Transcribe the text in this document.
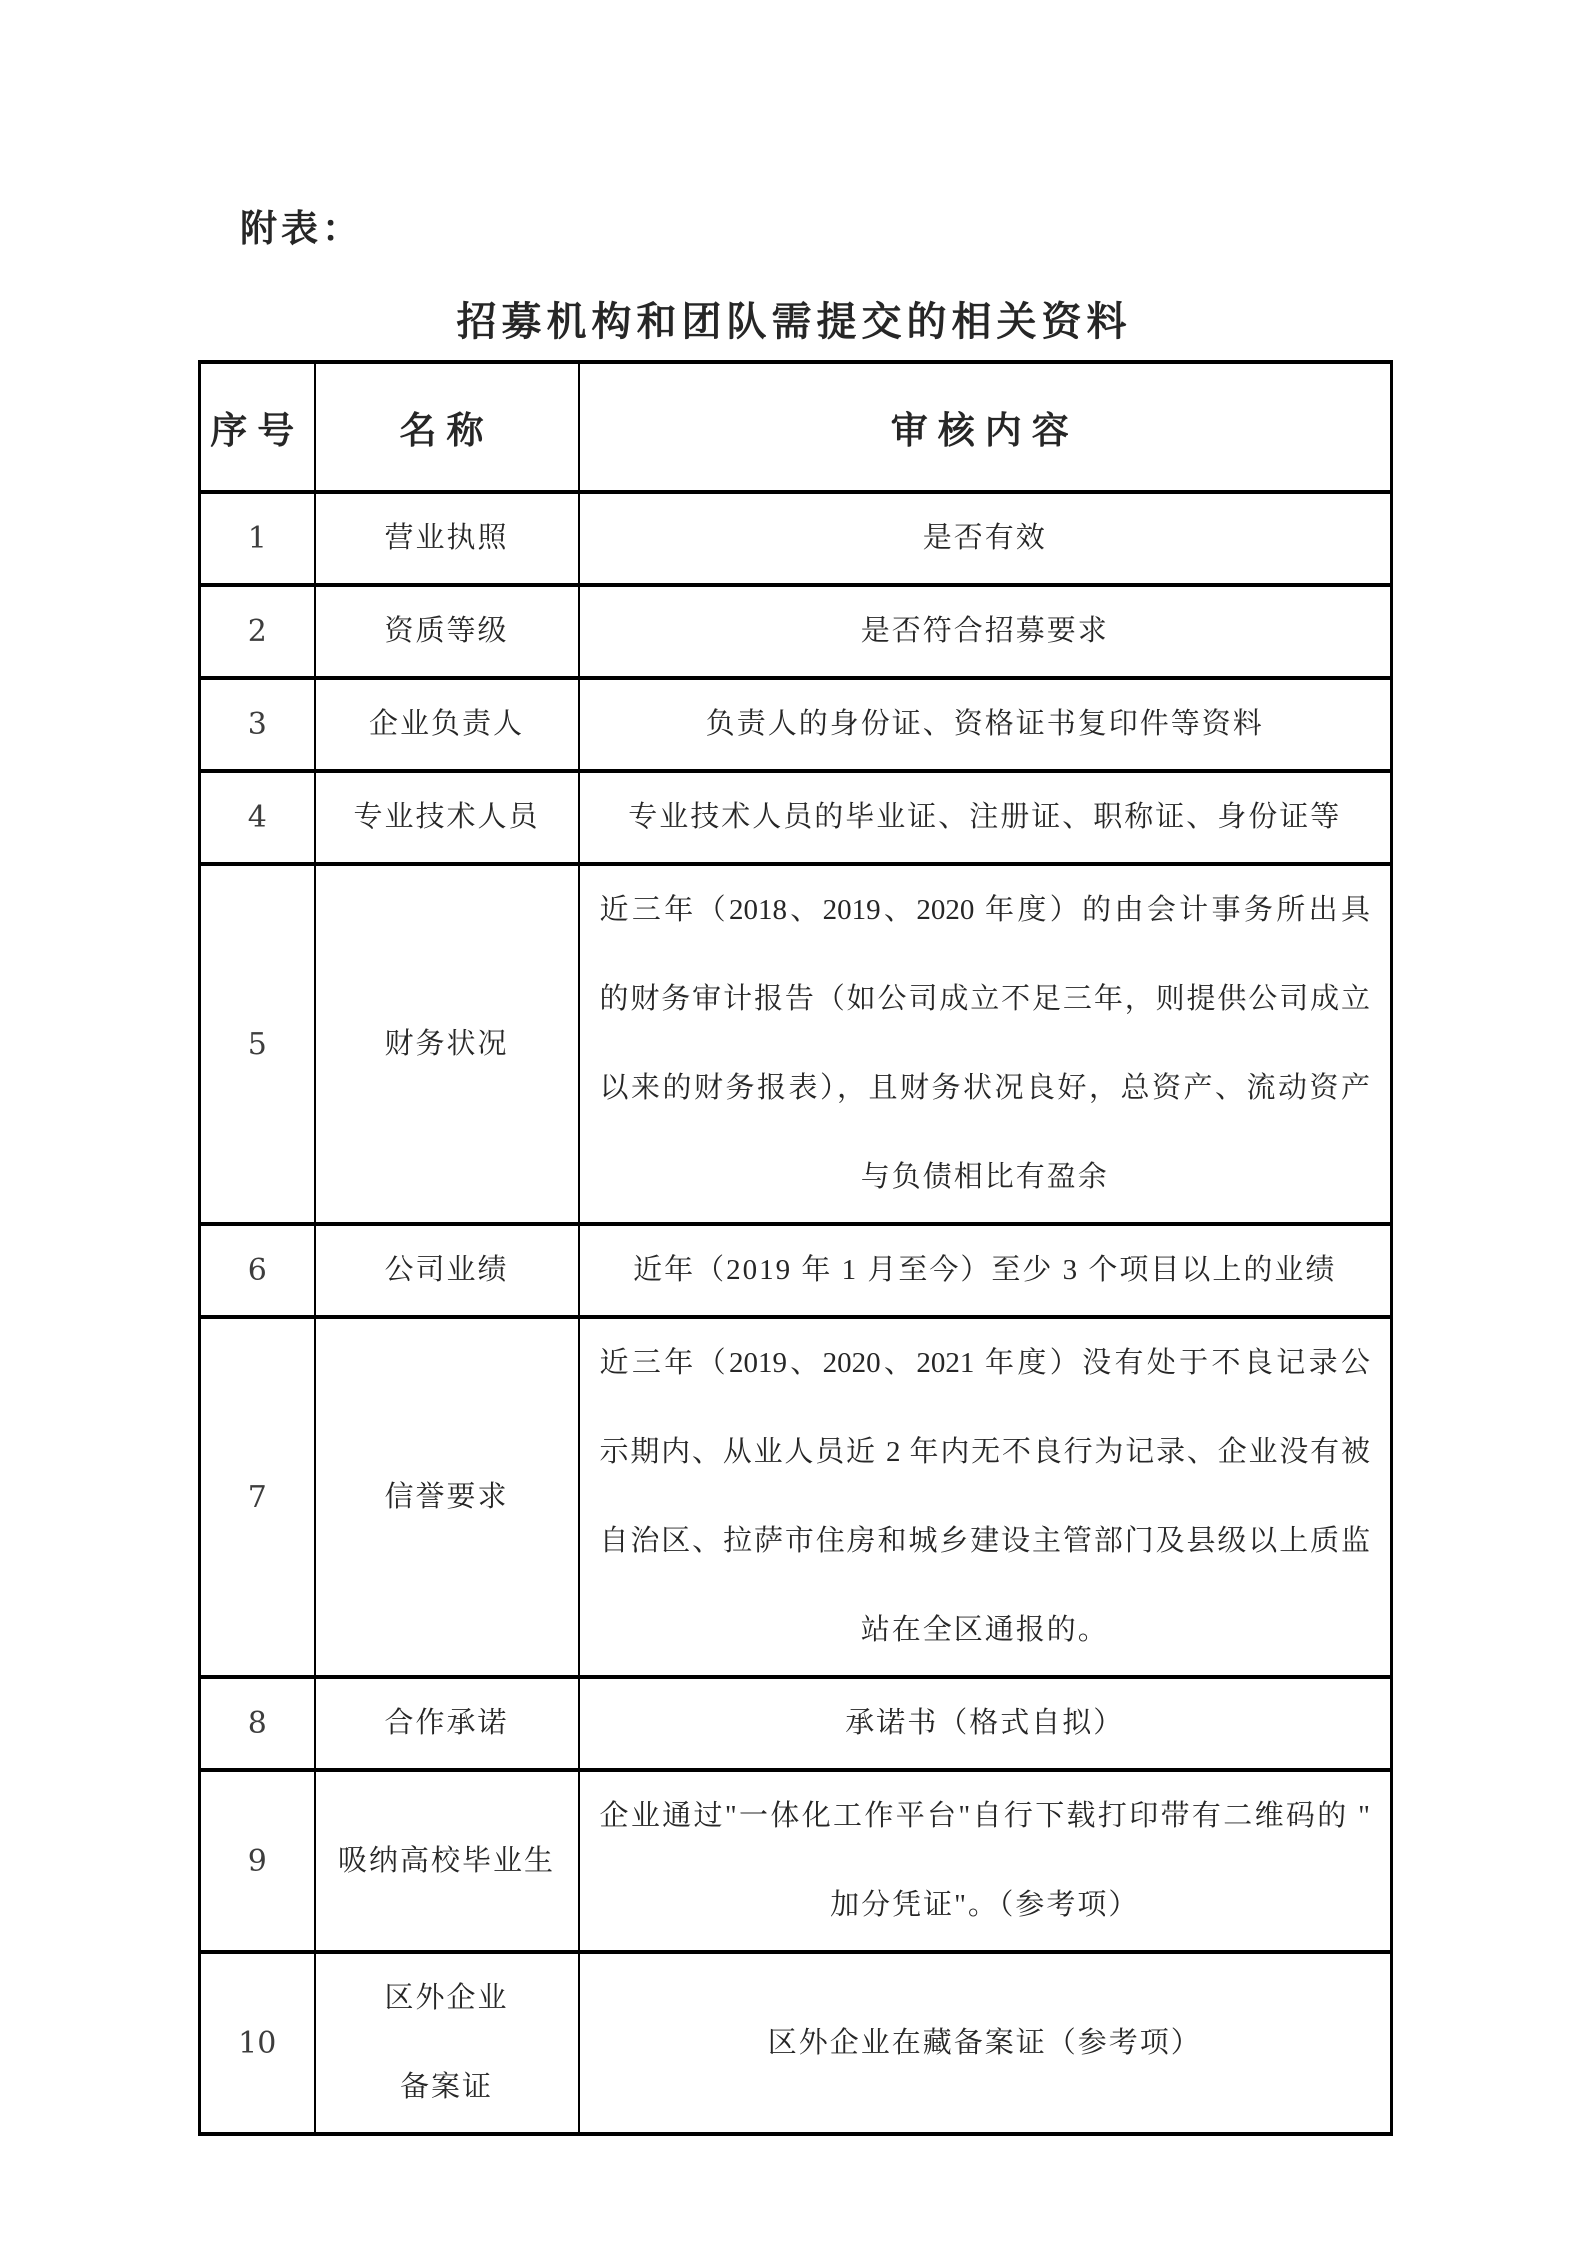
附表：
招募机构和团队需提交的相关资料
序号	名称	审核内容
1	营业执照	是否有效

2	资质等级	是否符合招募要求

3	企业负责人	负责人的身份证、资格证书复印件等资料

4	专业技术人员	专业技术人员的毕业证、注册证、职称证、身份证等

5	财务状况	近三年（2018、2019、2020 年度）的由会计事务所出具
的财务审计报告（如公司成立不足三年，则提供公司成立
以来的财务报表），且财务状况良好，总资产、流动资产
与负债相比有盈余

6	公司业绩	近年（2019 年 1 月至今）至少 3 个项目以上的业绩

7	信誉要求	近三年（2019、2020、2021 年度）没有处于不良记录公
示期内、从业人员近 2 年内无不良行为记录、企业没有被
自治区、拉萨市住房和城乡建设主管部门及县级以上质监
站在全区通报的。

8	合作承诺	承诺书（格式自拟）

9	吸纳高校毕业生	企业通过"一体化工作平台"自行下载打印带有二维码的 "
加分凭证"。（参考项）

10	区外企业
备案证	区外企业在藏备案证（参考项）
